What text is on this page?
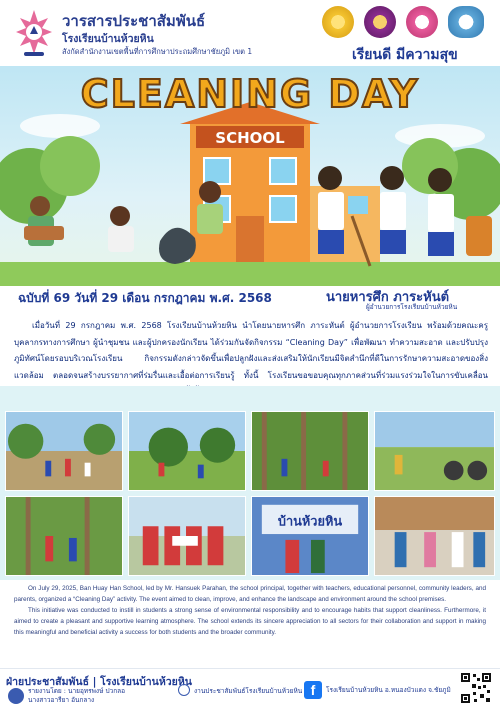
วารสารประชาสัมพันธ์
โรงเรียนบ้านห้วยหิน
สังกัดสำนักงานเขตพื้นที่การศึกษาประถมศึกษาชัยภูมิ เขต 1	เรียนดี มีความสุข
SCHOOL
CLEANING DAY
ฉบับที่ 69 วันที่ 29 เดือน กรกฎาคม พ.ศ. 2568	นายหารศึก ภาระหันต์
ผู้อำนวยการโรงเรียนบ้านห้วยหิน

เมื่อวันที่ 29 กรกฎาคม พ.ศ. 2568 โรงเรียนบ้านห้วยหิน นำโดยนายหารศึก ภาระหันต์ ผู้อำนวยการโรงเรียน พร้อมด้วยคณะครู บุคลากรทางการศึกษา ผู้นำชุมชน และผู้ปกครองนักเรียน ได้ร่วมกันจัดกิจกรรม “Cleaning Day” เพื่อพัฒนา ทำความสะอาด และปรับปรุงภูมิทัศน์โดยรอบบริเวณโรงเรียน กิจกรรมดังกล่าวจัดขึ้นเพื่อปลูกฝังและส่งเสริมให้นักเรียนมีจิตสำนึกที่ดีในการรักษาความสะอาดของสิ่งแวดล้อม ตลอดจนสร้างบรรยากาศที่ร่มรื่นและเอื้อต่อการเรียนรู้ ทั้งนี้ โรงเรียนขอขอบคุณทุกภาคส่วนที่ร่วมแรงร่วมใจในการขับเคลื่อน

บ้านห้วยหิน

On July 29, 2025, Ban Huay Han School, led by Mr. Hansuek Parahan, the school principal, together with teachers, educational personnel, community leaders, and parents, organized a “Cleaning Day” activity. The event aimed to clean, improve, and enhance the landscape and environment around the school premises.

This initiative was conducted to instill in students a strong sense of environmental responsibility and to encourage habits that support cleanliness. Furthermore, it aimed to create a pleasant and supportive learning atmosphere. The school extends its sincere appreciation to all sectors for their collaboration and support in making this meaningful and beneficial activity a success for both students and the broader community.

ฝ่ายประชาสัมพันธ์ | โรงเรียนบ้านห้วยหิน
รายงานโดย : นายอุทรพงษ์ ปวกลอ
นางสาวอารียา อันกลาง
งานประชาสัมพันธ์โรงเรียนบ้านห้วยหิน f	โรงเรียนบ้านห้วยหิน อ.หนองบัวแดง จ.ชัยภูมิ
